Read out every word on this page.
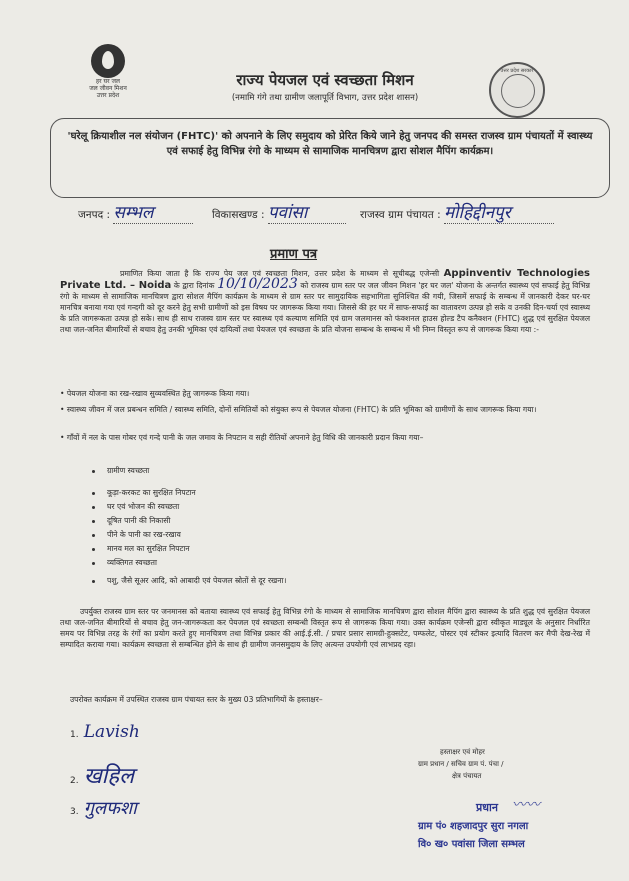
हर घर जल
जल जीवन मिशन
उत्तर प्रदेश
उत्तर प्रदेश सरकार
राज्य पेयजल एवं स्वच्छता मिशन
(नमामि गंगे तथा ग्रामीण जलापूर्ति विभाग, उत्तर प्रदेश शासन)
'घरेलू क्रियाशील नल संयोजन (FHTC)' को अपनाने के लिए समुदाय को प्रेरित किये जाने हेतु जनपद की समस्त राजस्व ग्राम पंचायतों में स्वास्थ्य एवं सफाई हेतु विभिन्न रंगो के माध्यम से सामाजिक मानचित्रण द्वारा सोशल मैपिंग कार्यक्रम।
जनपद : सम्भल	विकासखण्ड : पवांसा	राजस्व ग्राम पंचायत : मोहिद्दीनपुर
प्रमाण पत्र
प्रमाणित किया जाता है कि राज्य पेय जल एवं स्वच्छता मिशन, उत्तर प्रदेश के माध्यम से सूचीबद्ध एजेन्सी Appinventiv Technologies Private Ltd. – Noida के द्वारा दिनांक 10/10/2023 को राजस्व ग्राम स्तर पर जल जीवन मिशन 'हर घर जल' योजना के अन्तर्गत स्वास्थ्य एवं सफाई हेतु विभिन्न रंगो के माध्यम से सामाजिक मानचित्रण द्वारा सोशल मैपिंग कार्यक्रम के माध्यम से ग्राम स्तर पर सामुदायिक सहभागिता सुनिश्चित की गयी, जिसमें सफाई के सम्बन्ध में जानकारी देकर घर-घर मानचित्र बनाया गया एवं गन्दगी को दूर करने हेतु सभी ग्रामीणों को इस विषय पर जागरूक किया गया। जिससे की हर घर में साफ-सफाई का वातावरण उत्पन्न हो सके व उनकी दिन-चर्या एवं स्वास्थ्य के प्रति जागरूकता उत्पन्न हो सके। साथ ही साथ राजस्व ग्राम स्तर पर स्वास्थ्य एवं कल्याण समिति एवं ग्राम जलमानस को फंक्शनल हाउस होल्ड टैप कनैक्शन (FHTC) शुद्ध एवं सुरक्षित पेयजल तथा जल-जनित बीमारियों से बचाव हेतु उनकी भूमिका एवं दायित्वों तथा पेयजल एवं स्वच्छता के प्रति योजना सम्बन्ध के सम्बन्ध में भी निम्न विस्तृत रूप से जागरूक किया गया :-
• पेयजल योजना का रख-रखाव सुव्यवस्थित हेतु जागरूक किया गया।
• स्वास्थ्य जीवन में जल प्रबन्धन समिति / स्वास्थ्य समिति, दोनों समितियों को संयुक्त रूप से पेयजल योजना (FHTC) के प्रति भूमिका को ग्रामीणों के साथ जागरूक किया गया।
• गाँवों में नल के पास गोबर एवं गन्दे पानी के जल जमाव के निपटान व सही रीतियों अपनाने हेतु विधि की जानकारी प्रदान किया गया–
ग्रामीण स्वच्छता
कूड़ा-करकट का सुरक्षित निपटान
घर एवं भोजन की स्वच्छता
दूषित पानी की निकासी
पीने के पानी का रख-रखाव
मानव मल का सुरक्षित निपटान
व्यक्तिगत स्वच्छता
पशु, जैसे सूअर आदि, को आबादी एवं पेयजल स्रोतों से दूर रखना।
उपर्युक्त राजस्व ग्राम स्तर पर जनमानस को बताया स्वास्थ्य एवं सफाई हेतु विभिन्न रंगो के माध्यम से सामाजिक मानचित्रण द्वारा सोशल मैपिंग द्वारा स्वास्थ्य के प्रति शुद्ध एवं सुरक्षित पेयजल तथा जल-जनित बीमारियों से बचाव हेतु जन-जागरूकता कर पेयजल एवं स्वच्छता सम्बन्धी विस्तृत रूप से जागरूक किया गया। उक्त कार्यक्रम एजेन्सी द्वारा स्वीकृत माड्यूल के अनुसार निर्धारित समय पर विभिन्न तरह के रंगों का प्रयोग करते हुए मानचित्रण तथा विभिन्न प्रकार की आई.ई.सी. / प्रचार प्रसार सामग्री-हुक्सटेट, पम्फलेट, पोस्टर एवं स्टीकर इत्यादि वितरण कर मैपी देख-रेख में सम्पादित कराया गया। कार्यक्रम स्वच्छता से सम्बन्धित होने के साथ ही ग्रामीण जनसमुदाय के लिए अत्यन्त उपयोगी एवं लाभप्रद रहा।
उपरोक्त कार्यक्रम में उपस्थित राजस्व ग्राम पंचायत स्तर के मुख्य 03 प्रतिभागियों के हस्ताक्षर–
1. Lavish
2. खहिल
3. गुलफशा
हस्ताक्षर एवं मोहर
ग्राम प्रधान / सचिव ग्राम पं. पंचा /
क्षेत्र पंचायत
प्रधान 〰〰
ग्राम पं० शहजादपुर सुरा नगला
वि० ख० पवांसा जिला सम्भल
